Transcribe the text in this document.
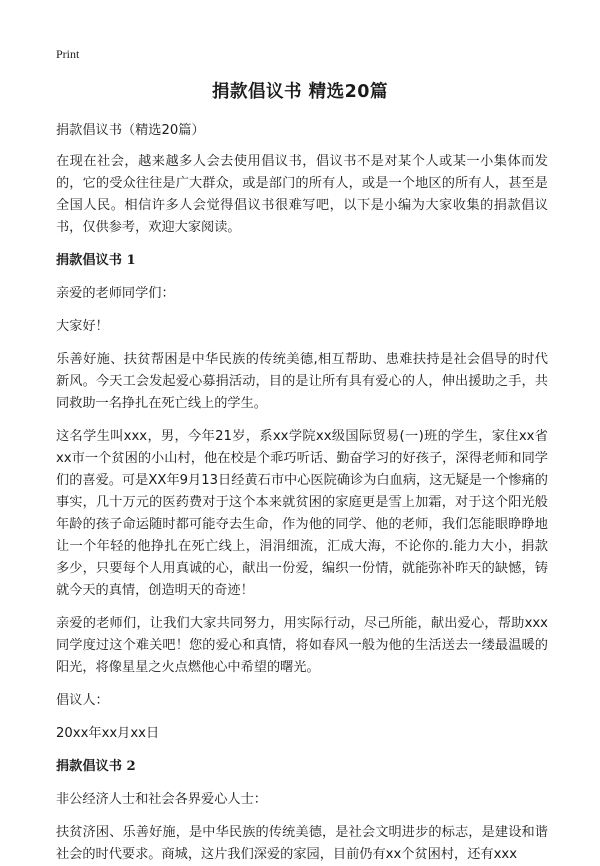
Print
捐款倡议书 精选20篇

捐款倡议书（精选20篇）

在现在社会，越来越多人会去使用倡议书，倡议书不是对某个人或某一小集体而发的，它的受众往往是广大群众，或是部门的所有人，或是一个地区的所有人，甚至是全国人民。相信许多人会觉得倡议书很难写吧，以下是小编为大家收集的捐款倡议书，仅供参考，欢迎大家阅读。

捐款倡议书 1

亲爱的老师同学们：

大家好！

乐善好施、扶贫帮困是中华民族的传统美德,相互帮助、患难扶持是社会倡导的时代新风。今天工会发起爱心募捐活动，目的是让所有具有爱心的人，伸出援助之手，共同救助一名挣扎在死亡线上的学生。

这名学生叫xxx，男，今年21岁，系xx学院xx级国际贸易(一)班的学生，家住xx省xx市一个贫困的小山村，他在校是个乖巧听话、勤奋学习的好孩子，深得老师和同学们的喜爱。可是XX年9月13日经黄石市中心医院确诊为白血病，这无疑是一个惨痛的事实，几十万元的医药费对于这个本来就贫困的家庭更是雪上加霜，对于这个阳光般年龄的孩子命运随时都可能夺去生命，作为他的同学、他的老师，我们怎能眼睁睁地让一个年轻的他挣扎在死亡线上，涓涓细流，汇成大海，不论你的.能力大小，捐款多少，只要每个人用真诚的心，献出一份爱，编织一份情，就能弥补昨天的缺憾，铸就今天的真情，创造明天的奇迹！

亲爱的老师们，让我们大家共同努力，用实际行动，尽己所能，献出爱心，帮助xxx同学度过这个难关吧！您的爱心和真情，将如春风一般为他的生活送去一缕最温暖的阳光，将像星星之火点燃他心中希望的曙光。

倡议人：

20xx年xx月xx日

捐款倡议书 2

非公经济人士和社会各界爱心人士：

扶贫济困、乐善好施，是中华民族的传统美德，是社会文明进步的标志，是建设和谐社会的时代要求。商城，这片我们深爱的家园，目前仍有xx个贫困村，还有xxx
